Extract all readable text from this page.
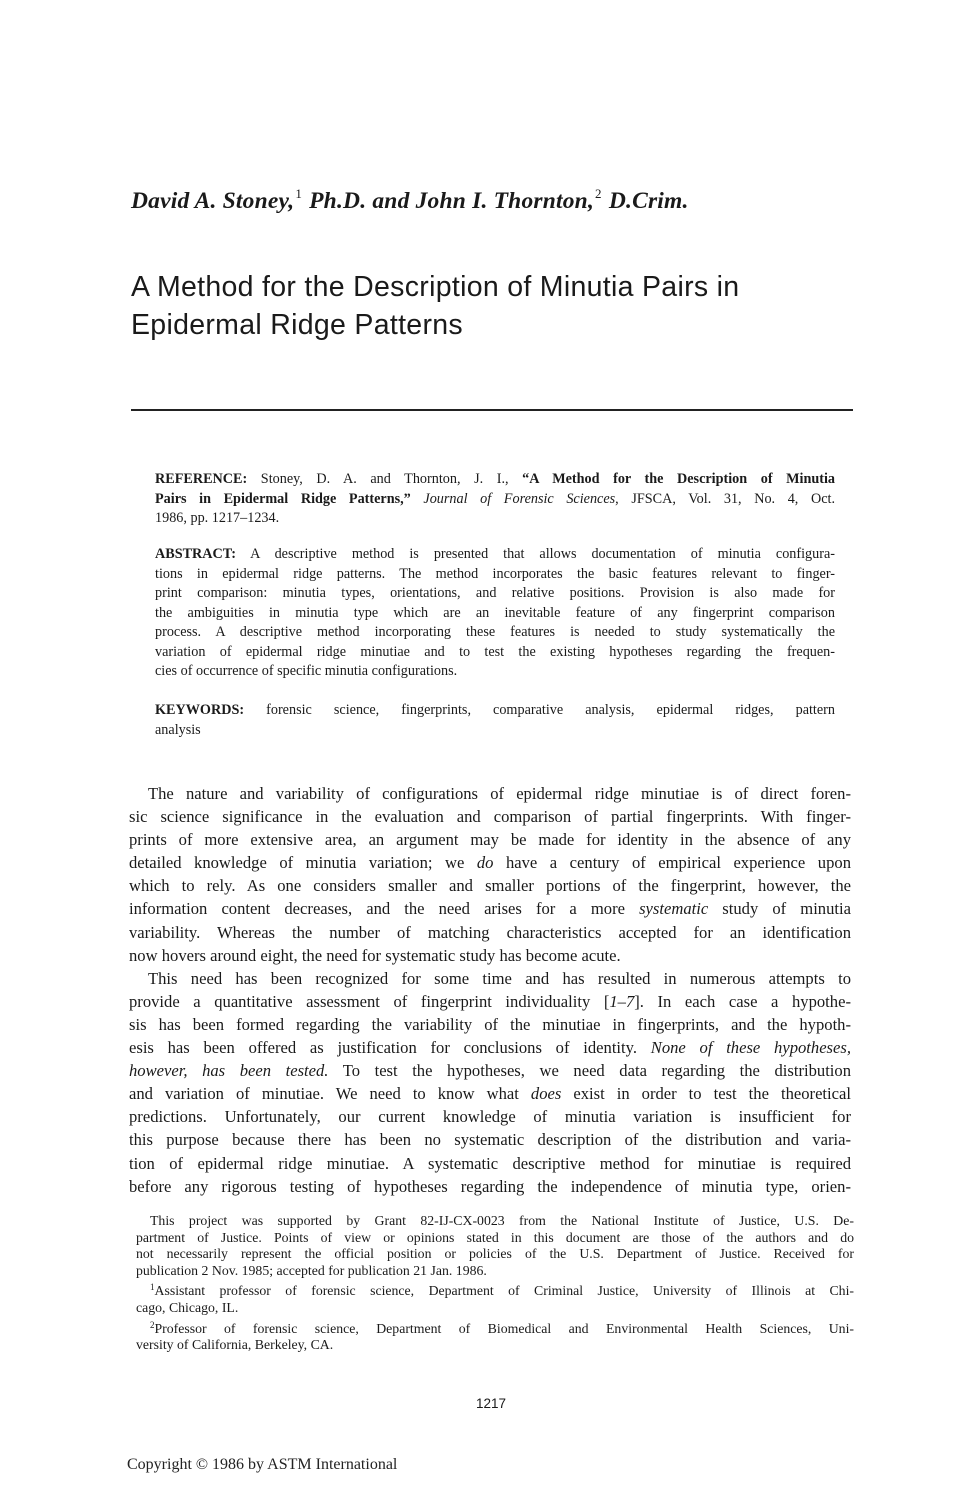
David A. Stoney,$^1$ Ph.D. and John I. Thornton,$^2$ D.Crim.
A Method for the Description of Minutia Pairs in
Epidermal Ridge Patterns
REFERENCE: Stoney, D. A. and Thornton, J. I., “A Method for the Description of Minutia
Pairs in Epidermal Ridge Patterns,” Journal of Forensic Sciences, JFSCA, Vol. 31, No. 4, Oct.
1986, pp. 1217–1234.
ABSTRACT: A descriptive method is presented that allows documentation of minutia configura-
tions in epidermal ridge patterns. The method incorporates the basic features relevant to finger-
print comparison: minutia types, orientations, and relative positions. Provision is also made for
the ambiguities in minutia type which are an inevitable feature of any fingerprint comparison
process. A descriptive method incorporating these features is needed to study systematically the
variation of epidermal ridge minutiae and to test the existing hypotheses regarding the frequen-
cies of occurrence of specific minutia configurations.
KEYWORDS: forensic science, fingerprints, comparative analysis, epidermal ridges, pattern
analysis
The nature and variability of configurations of epidermal ridge minutiae is of direct foren-
sic science significance in the evaluation and comparison of partial fingerprints. With finger-
prints of more extensive area, an argument may be made for identity in the absence of any
detailed knowledge of minutia variation; we do have a century of empirical experience upon
which to rely. As one considers smaller and smaller portions of the fingerprint, however, the
information content decreases, and the need arises for a more systematic study of minutia
variability. Whereas the number of matching characteristics accepted for an identification
now hovers around eight, the need for systematic study has become acute.
This need has been recognized for some time and has resulted in numerous attempts to
provide a quantitative assessment of fingerprint individuality [1–7]. In each case a hypothe-
sis has been formed regarding the variability of the minutiae in fingerprints, and the hypoth-
esis has been offered as justification for conclusions of identity. None of these hypotheses,
however, has been tested. To test the hypotheses, we need data regarding the distribution
and variation of minutiae. We need to know what does exist in order to test the theoretical
predictions. Unfortunately, our current knowledge of minutia variation is insufficient for
this purpose because there has been no systematic description of the distribution and varia-
tion of epidermal ridge minutiae. A systematic descriptive method for minutiae is required
before any rigorous testing of hypotheses regarding the independence of minutia type, orien-
This project was supported by Grant 82-IJ-CX-0023 from the National Institute of Justice, U.S. De-
partment of Justice. Points of view or opinions stated in this document are those of the authors and do
not necessarily represent the official position or policies of the U.S. Department of Justice. Received for
publication 2 Nov. 1985; accepted for publication 21 Jan. 1986.
$^1$Assistant professor of forensic science, Department of Criminal Justice, University of Illinois at Chi-
cago, Chicago, IL.
$^2$Professor of forensic science, Department of Biomedical and Environmental Health Sciences, Uni-
versity of California, Berkeley, CA.
1217
Copyright © 1986 by ASTM International
